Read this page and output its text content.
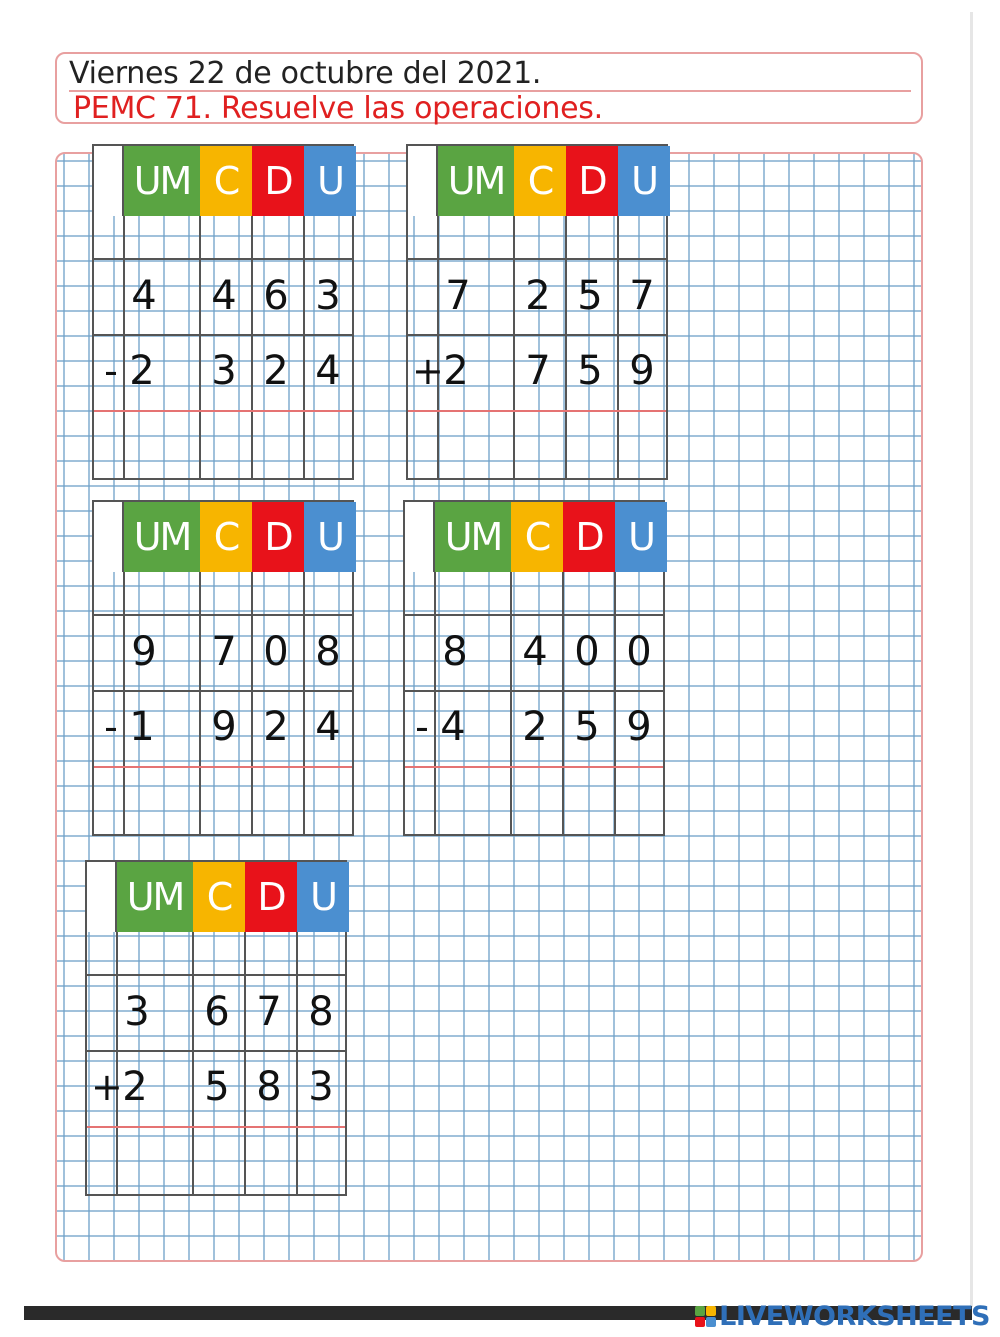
Viernes 22 de octubre del 2021.
PEMC 71. Resuelve las operaciones.
UM C D U
4 4 6 3
- 2 3 2 4
UM C D U
7 2 5 7
+ 2 7 5 9
UM C D U
9 7 0 8
- 1 9 2 4
UM C D U
8 4 0 0
- 4 2 5 9
UM C D U
3 6 7 8
+ 2 5 8 3
LIVEWORKSHEETS
